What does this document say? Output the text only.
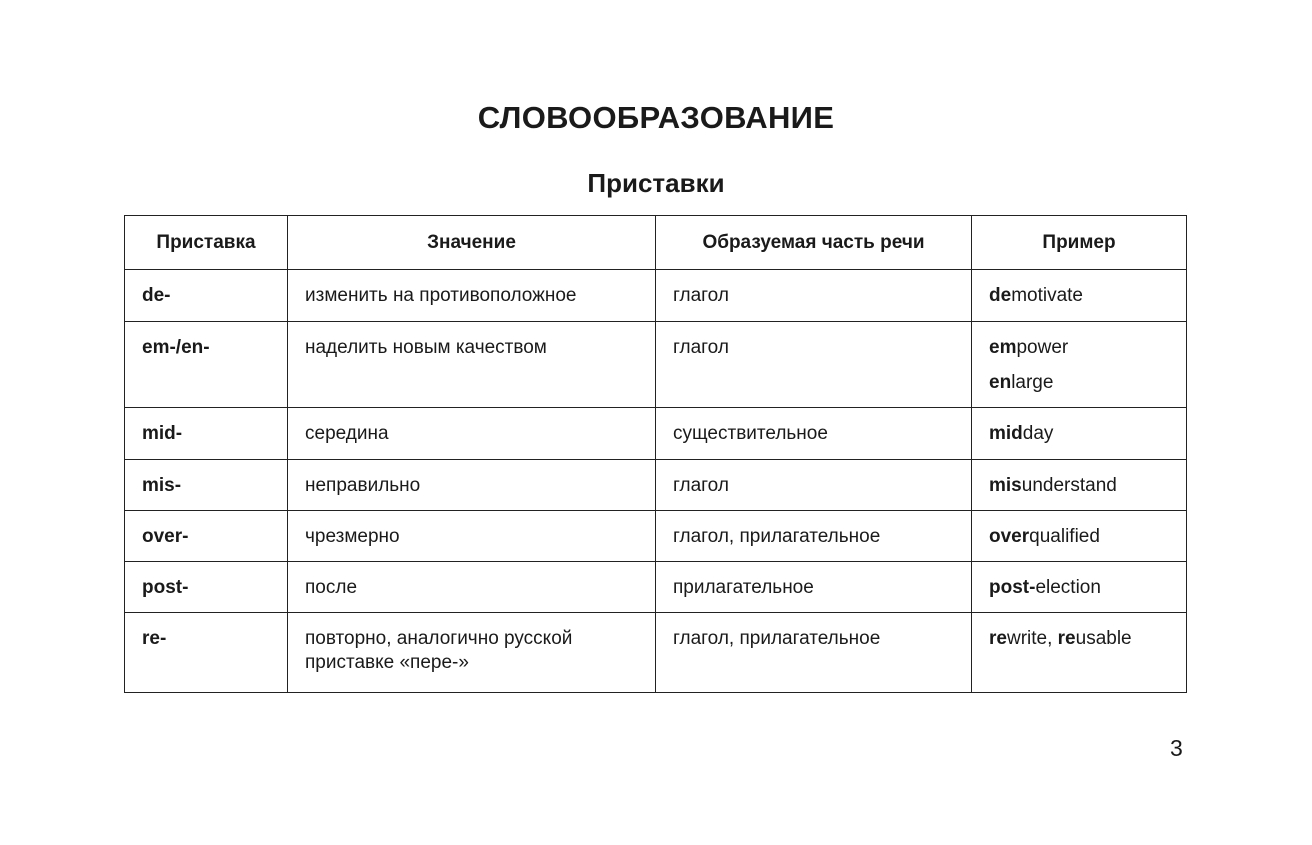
СЛОВООБРАЗОВАНИЕ
Приставки
Приставка	Значение	Образуемая часть речи	Пример
de-	изменить на противоположное	глагол	demotivate

em-/en-	наделить новым качеством	глагол	empower
enlarge

mid-	середина	существительное	midday

mis-	неправильно	глагол	misunderstand

over-	чрезмерно	глагол, прилагательное	overqualified

post-	после	прилагательное	post-election

re-	повторно, аналогично русской приставке «пере-»	глагол, прилагательное	rewrite, reusable
3
